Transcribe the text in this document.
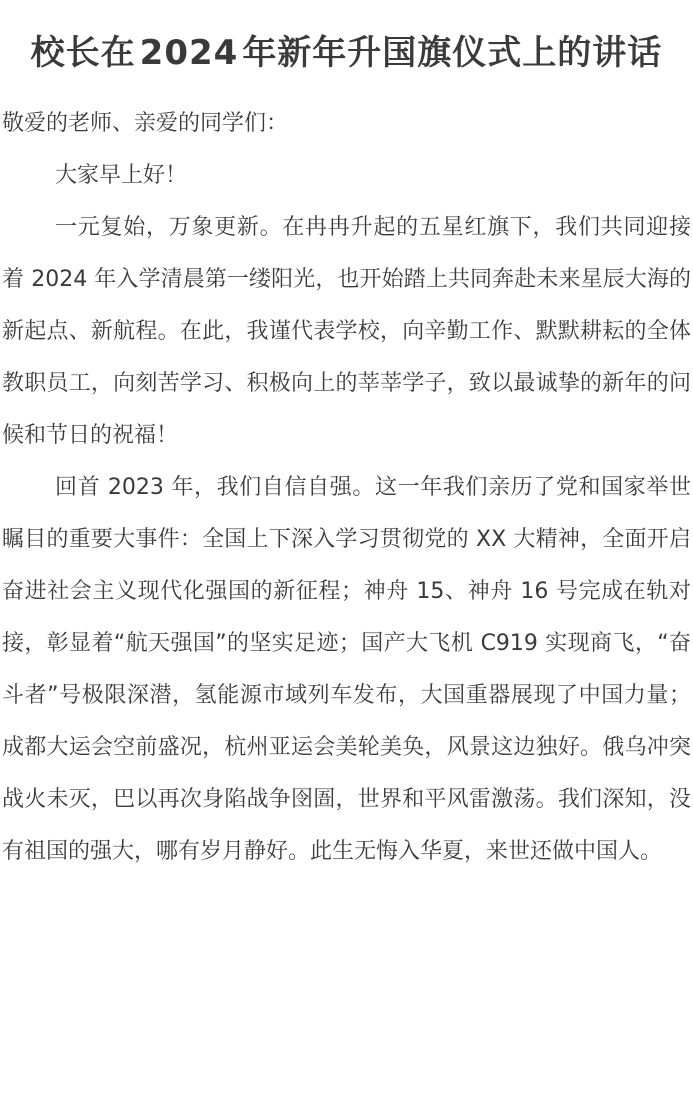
校长在 2024 年新年升国旗仪式上的讲话

敬爱的老师、亲爱的同学们：

大家早上好！

一元复始，万象更新。在冉冉升起的五星红旗下，我们共同迎接着 2024 年入学清晨第一缕阳光，也开始踏上共同奔赴未来星辰大海的新起点、新航程。在此，我谨代表学校，向辛勤工作、默默耕耘的全体教职员工，向刻苦学习、积极向上的莘莘学子，致以最诚挚的新年的问候和节日的祝福！

回首 2023 年，我们自信自强。这一年我们亲历了党和国家举世瞩目的重要大事件：全国上下深入学习贯彻党的 XX 大精神，全面开启奋进社会主义现代化强国的新征程；神舟 15、神舟 16 号完成在轨对接，彰显着“航天强国”的坚实足迹；国产大飞机 C919 实现商飞，“奋斗者”号极限深潜，氢能源市域列车发布，大国重器展现了中国力量；成都大运会空前盛况，杭州亚运会美轮美奂，风景这边独好。俄乌冲突战火未灭，巴以再次身陷战争囹圄，世界和平风雷激荡。我们深知，没有祖国的强大，哪有岁月静好。此生无悔入华夏，来世还做中国人。
